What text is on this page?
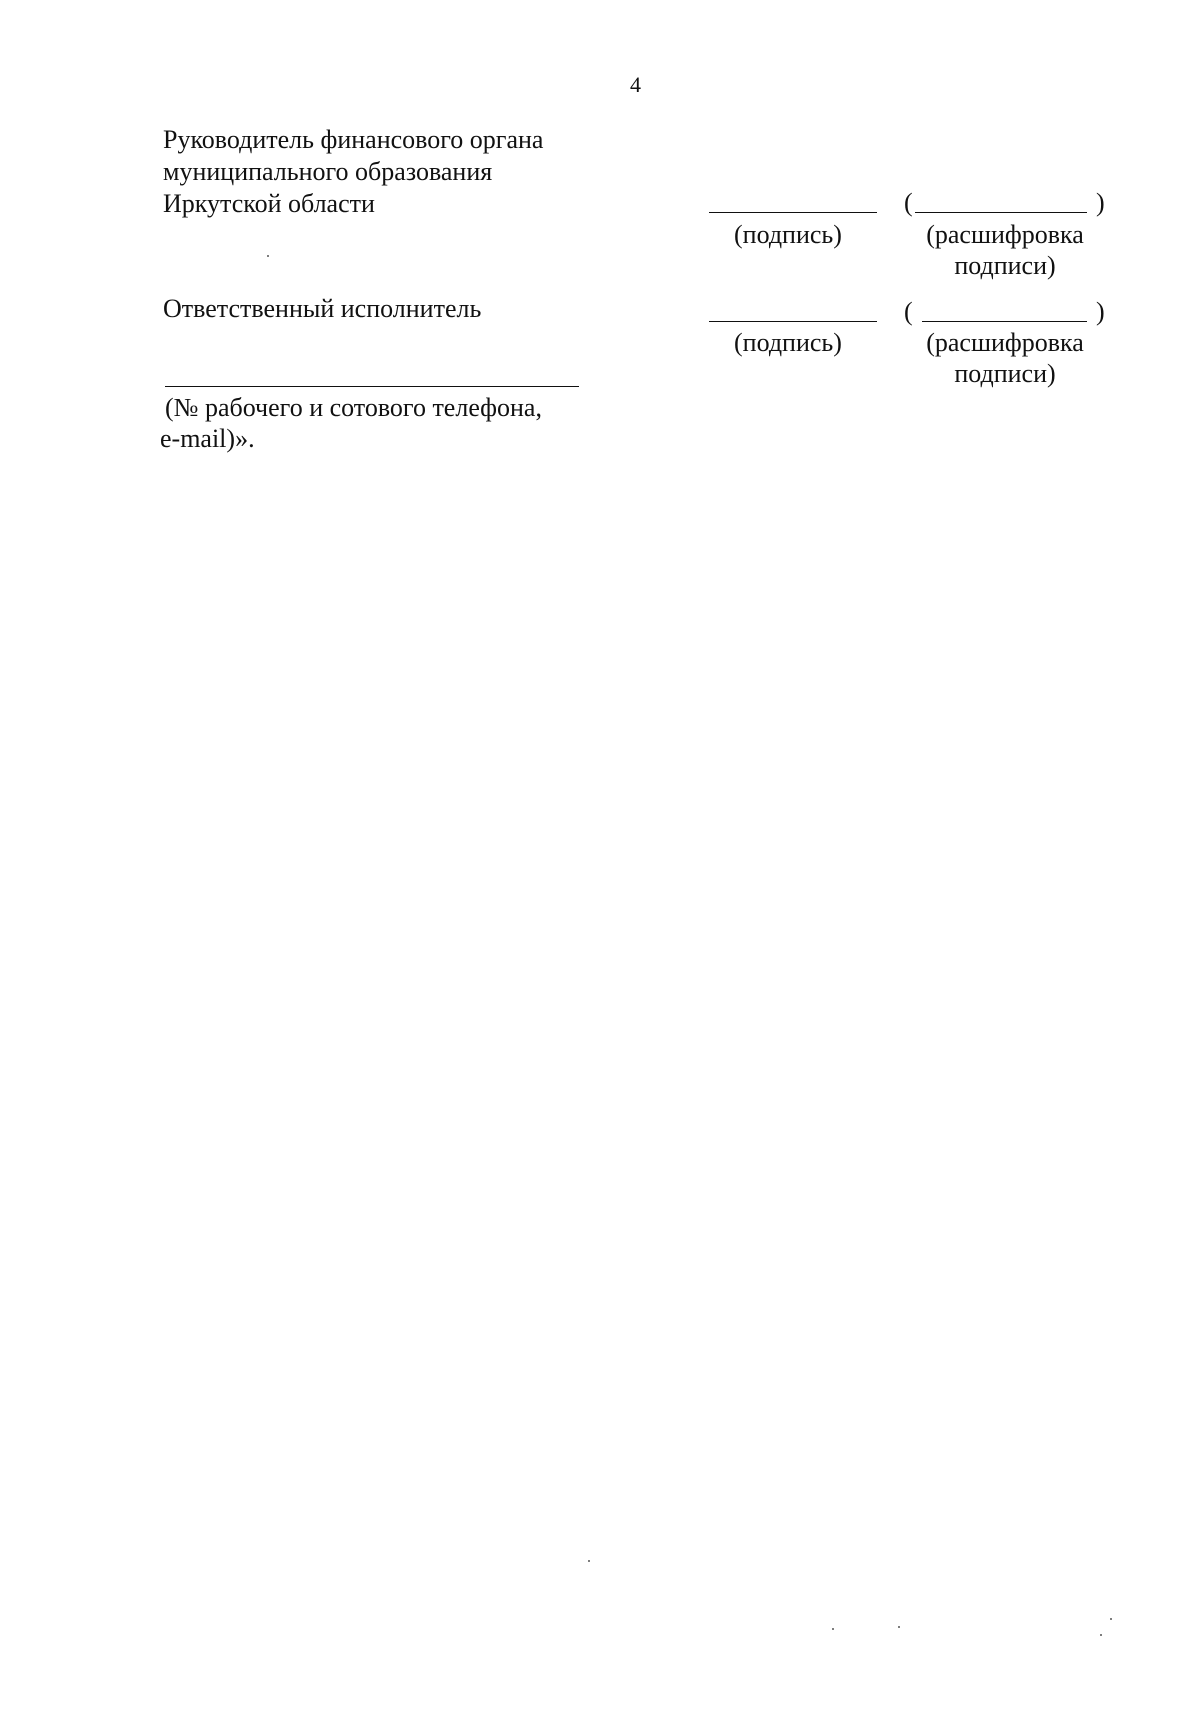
4
Руководитель финансового органа
муниципального образования
Иркутской области	(	)
(подпись)	(расшифровка
подписи)
Ответственный исполнитель	(	)
(подпись)	(расшифровка
подписи)
(№ рабочего и сотового телефона,
e-mail)».
